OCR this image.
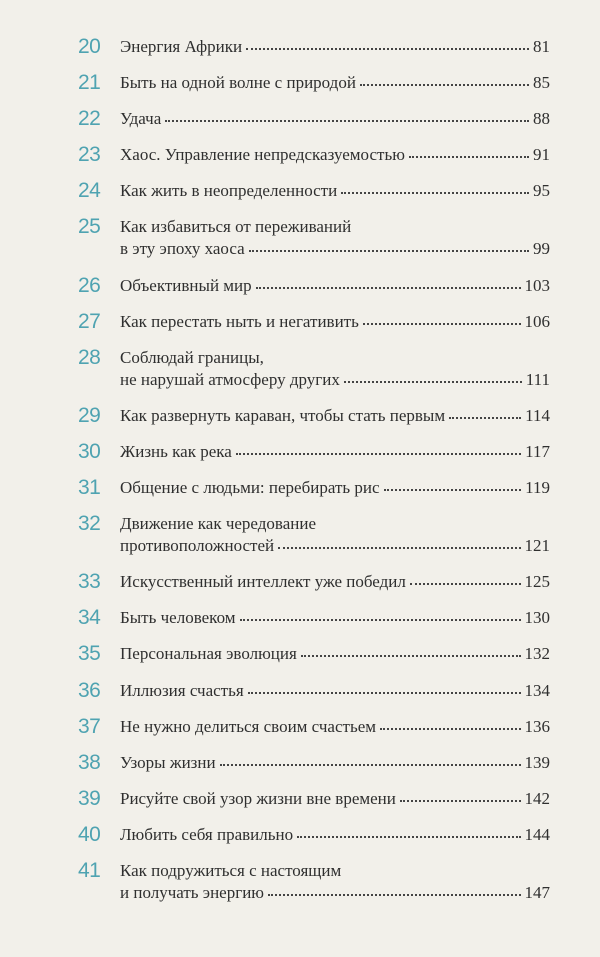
20	Энергия Африки	81
21	Быть на одной волне с природой	85
22	Удача	88
23	Хаос. Управление непредсказуемостью	91
24	Как жить в неопределенности	95
25	Как избавиться от переживаний
в эту эпоху хаоса	99
26	Объективный мир	103
27	Как перестать ныть и негативить	106
28	Соблюдай границы,
не нарушай атмосферу других	111
29	Как развернуть караван, чтобы стать первым	114
30	Жизнь как река	117
31	Общение с людьми: перебирать рис	119
32	Движение как чередование
противоположностей	121
33	Искусственный интеллект уже победил	125
34	Быть человеком	130
35	Персональная эволюция	132
36	Иллюзия счастья	134
37	Не нужно делиться своим счастьем	136
38	Узоры жизни	139
39	Рисуйте свой узор жизни вне времени	142
40	Любить себя правильно	144
41	Как подружиться с настоящим
и получать энергию	147
